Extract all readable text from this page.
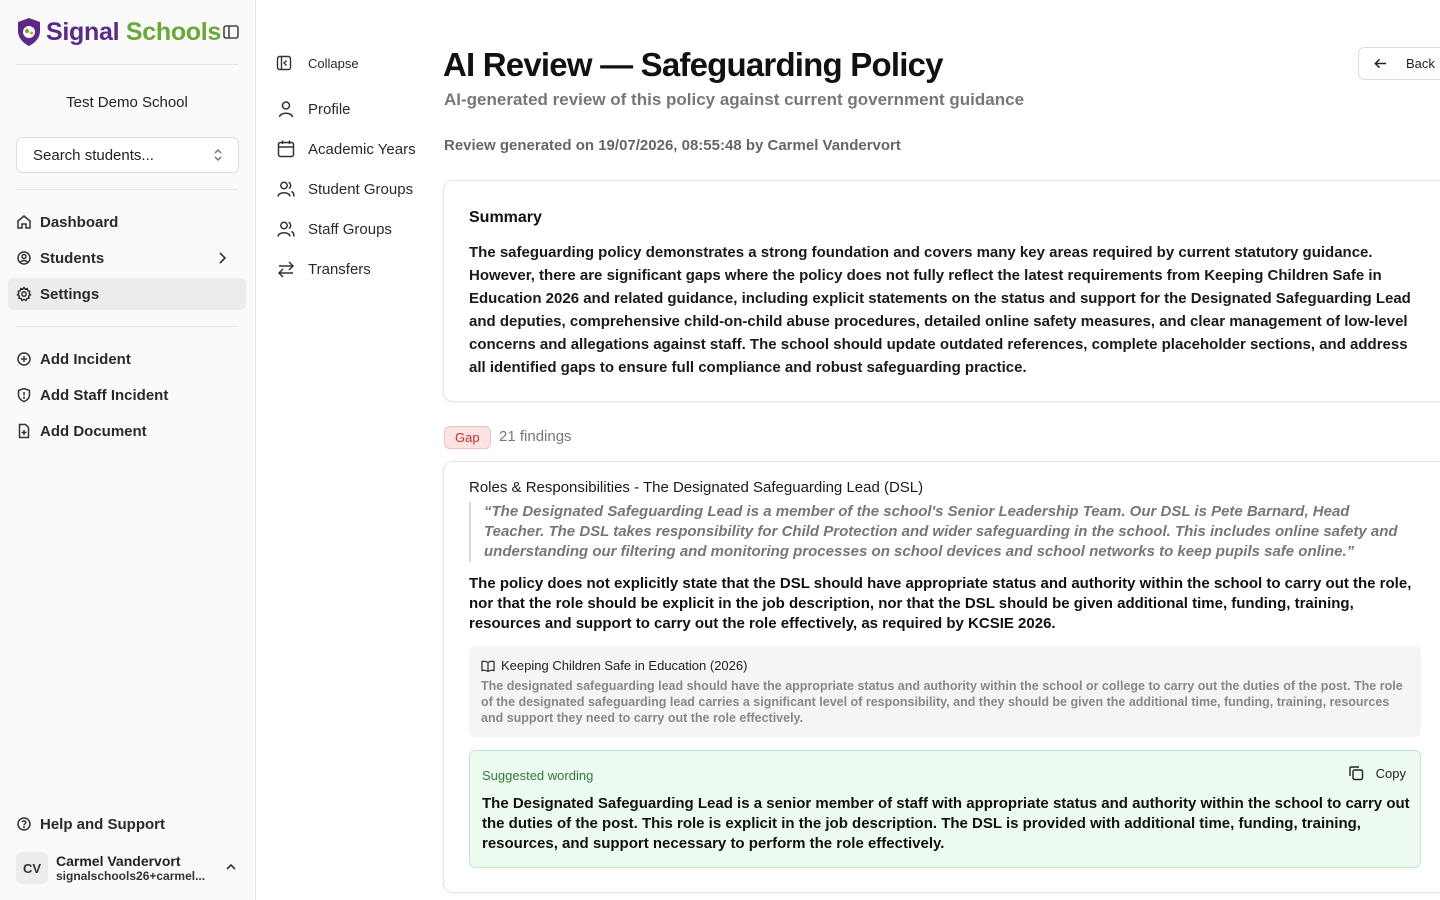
Signal Schools
Test Demo School
Search students...
Dashboard
Students
Settings
Add Incident
Add Staff Incident
Add Document
Help and Support
CV	Carmel Vandervort
signalschools26+carmel...
Collapse
Profile
Academic Years
Student Groups
Staff Groups
Transfers
AI Review — Safeguarding Policy
AI-generated review of this policy against current government guidance
Back
Review generated on 19/07/2026, 08:55:48 by Carmel Vandervort
Summary

The safeguarding policy demonstrates a strong foundation and covers many key areas required by current statutory guidance. However, there are significant gaps where the policy does not fully reflect the latest requirements from Keeping Children Safe in Education 2026 and related guidance, including explicit statements on the status and support for the Designated Safeguarding Lead and deputies, comprehensive child-on-child abuse procedures, detailed online safety measures, and clear management of low-level concerns and allegations against staff. The school should update outdated references, complete placeholder sections, and address all identified gaps to ensure full compliance and robust safeguarding practice.

Gap	21 findings
Roles & Responsibilities - The Designated Safeguarding Lead (DSL)
“The Designated Safeguarding Lead is a member of the school's Senior Leadership Team. Our DSL is Pete Barnard, Head Teacher. The DSL takes responsibility for Child Protection and wider safeguarding in the school. This includes online safety and understanding our filtering and monitoring processes on school devices and school networks to keep pupils safe online.”

The policy does not explicitly state that the DSL should have appropriate status and authority within the school to carry out the role, nor that the role should be explicit in the job description, nor that the DSL should be given additional time, funding, training, resources and support to carry out the role effectively, as required by KCSIE 2026.

Keeping Children Safe in Education (2026)

The designated safeguarding lead should have the appropriate status and authority within the school or college to carry out the duties of the post. The role of the designated safeguarding lead carries a significant level of responsibility, and they should be given the additional time, funding, training, resources and support they need to carry out the role effectively.

Suggested wording	Copy

The Designated Safeguarding Lead is a senior member of staff with appropriate status and authority within the school to carry out the duties of the post. This role is explicit in the job description. The DSL is provided with additional time, funding, training, resources, and support necessary to perform the role effectively.
